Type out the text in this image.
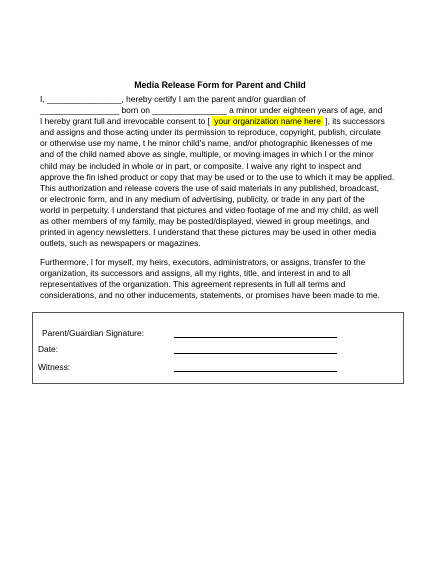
Media Release Form for Parent and Child
I, ________________, hereby certify I am the parent and/or guardian of
_________________ born on ________________ a minor under eighteen years of age, and
I hereby grant full and irrevocable consent to [ your organization name here ], its successors
and assigns and those acting under its permission to reproduce, copyright, publish, circulate
or otherwise use my name, t he minor child's name, and/or photographic likenesses of me
and of the child named above as single, multiple, or moving images in which I or the minor
child may be included in whole or in part, or composite. I waive any right to inspect and
approve the fin ished product or copy that may be used or to the use to which it may be applied.
This authorization and release covers the use of said materials in any published, broadcast,
or electronic form, and in any medium of advertising, publicity, or trade in any part of the
world in perpetuity. I understand that pictures and video footage of me and my child, as well
as other members of my family, may be posted/displayed, viewed in group meetings, and
printed in agency newsletters. I understand that these pictures may be used in other media
outlets, such as newspapers or magazines.
Furthermore, I for myself, my heirs, executors, administrators, or assigns, transfer to the
organization, its successors and assigns, all my rights, title, and interest in and to all
representatives of the organization. This agreement represents in full all terms and
considerations, and no other inducements, statements, or promises have been made to me.
Parent/Guardian Signature:
Date:
Witness:
